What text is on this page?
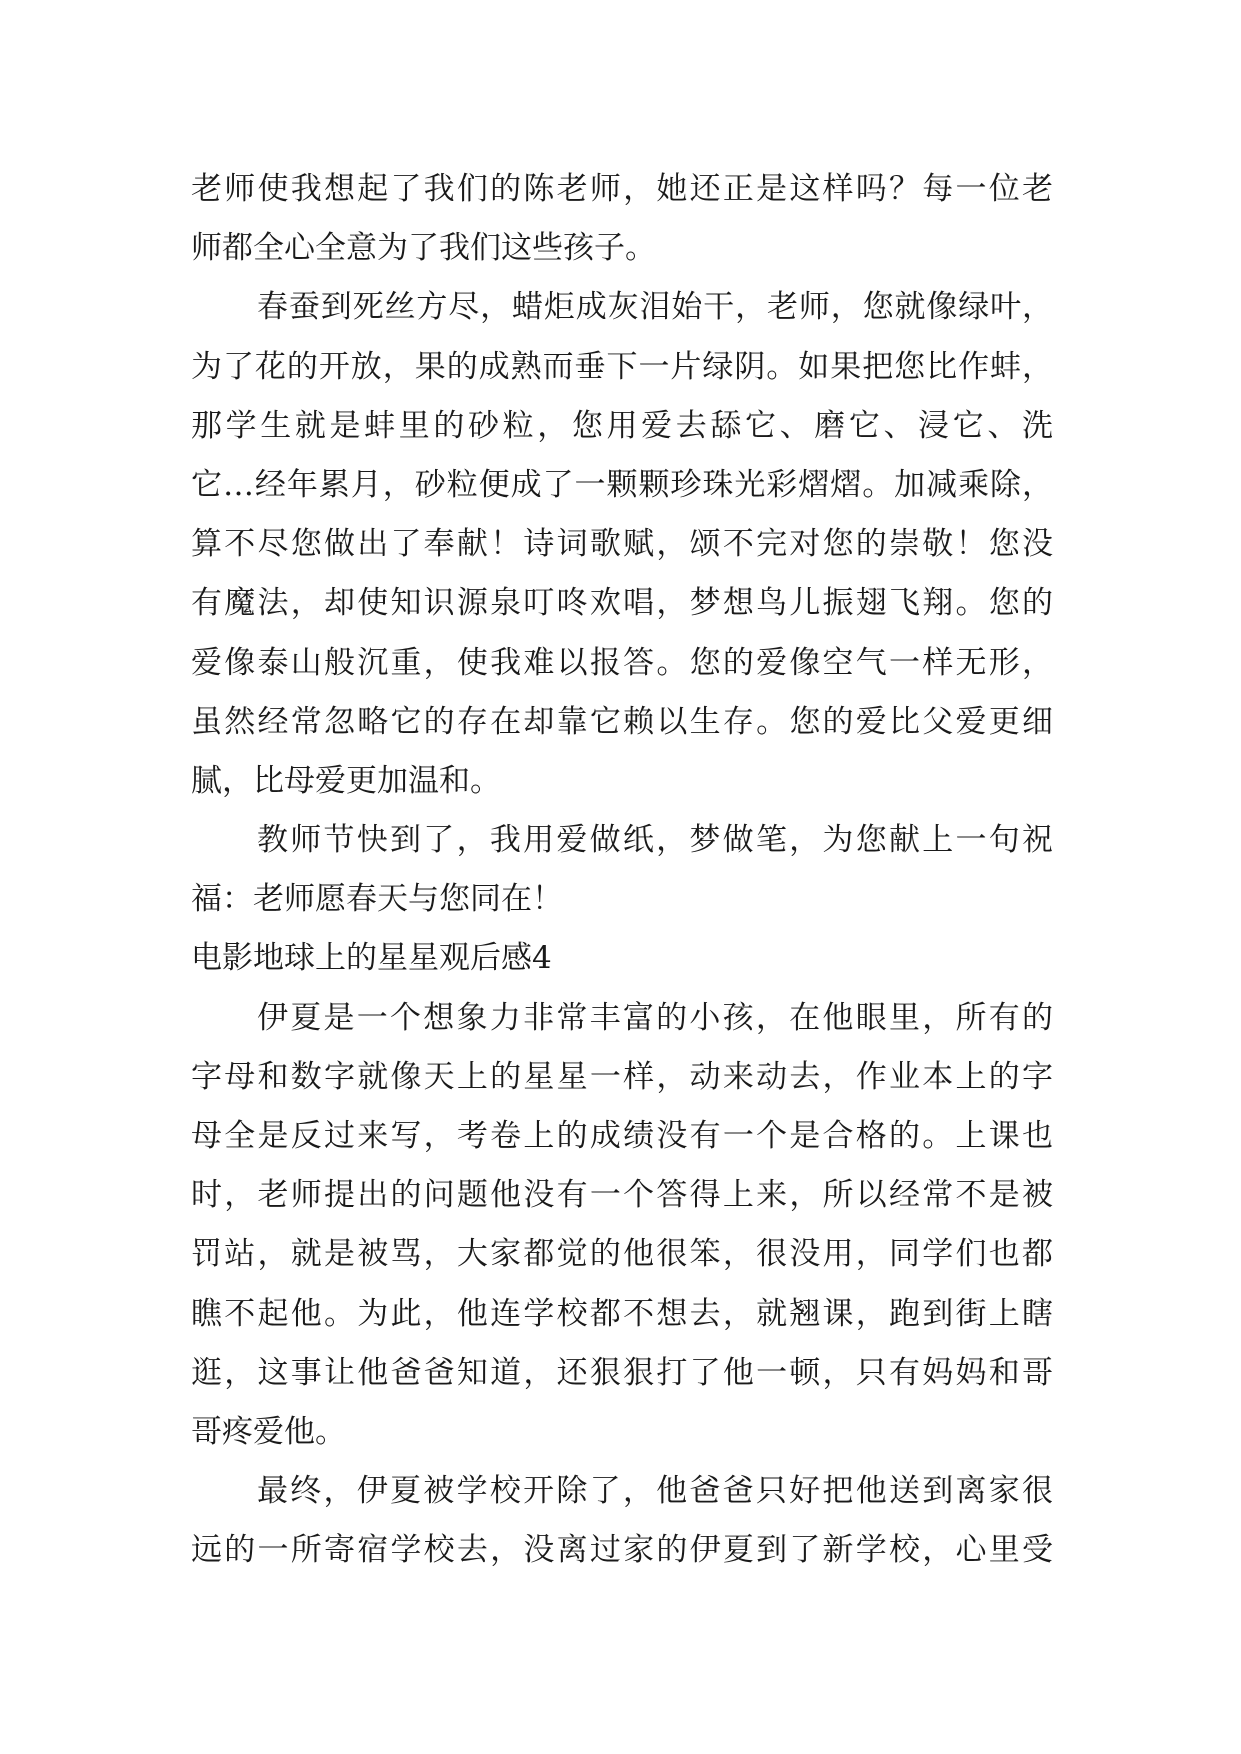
老师使我想起了我们的陈老师，她还正是这样吗？每一位老
师都全心全意为了我们这些孩子。
春蚕到死丝方尽，蜡炬成灰泪始干，老师，您就像绿叶，
为了花的开放，果的成熟而垂下一片绿阴。如果把您比作蚌，
那学生就是蚌里的砂粒，您用爱去舔它、磨它、浸它、洗
它…经年累月，砂粒便成了一颗颗珍珠光彩熠熠。加减乘除，
算不尽您做出了奉献！诗词歌赋，颂不完对您的崇敬！您没
有魔法，却使知识源泉叮咚欢唱，梦想鸟儿振翅飞翔。您的
爱像泰山般沉重，使我难以报答。您的爱像空气一样无形，
虽然经常忽略它的存在却靠它赖以生存。您的爱比父爱更细
腻，比母爱更加温和。
教师节快到了，我用爱做纸，梦做笔，为您献上一句祝
福：老师愿春天与您同在！
电影地球上的星星观后感4
伊夏是一个想象力非常丰富的小孩，在他眼里，所有的
字母和数字就像天上的星星一样，动来动去，作业本上的字
母全是反过来写，考卷上的成绩没有一个是合格的。上课也
时，老师提出的问题他没有一个答得上来，所以经常不是被
罚站，就是被骂，大家都觉的他很笨，很没用，同学们也都
瞧不起他。为此，他连学校都不想去，就翘课，跑到街上瞎
逛，这事让他爸爸知道，还狠狠打了他一顿，只有妈妈和哥
哥疼爱他。
最终，伊夏被学校开除了，他爸爸只好把他送到离家很
远的一所寄宿学校去，没离过家的伊夏到了新学校，心里受
